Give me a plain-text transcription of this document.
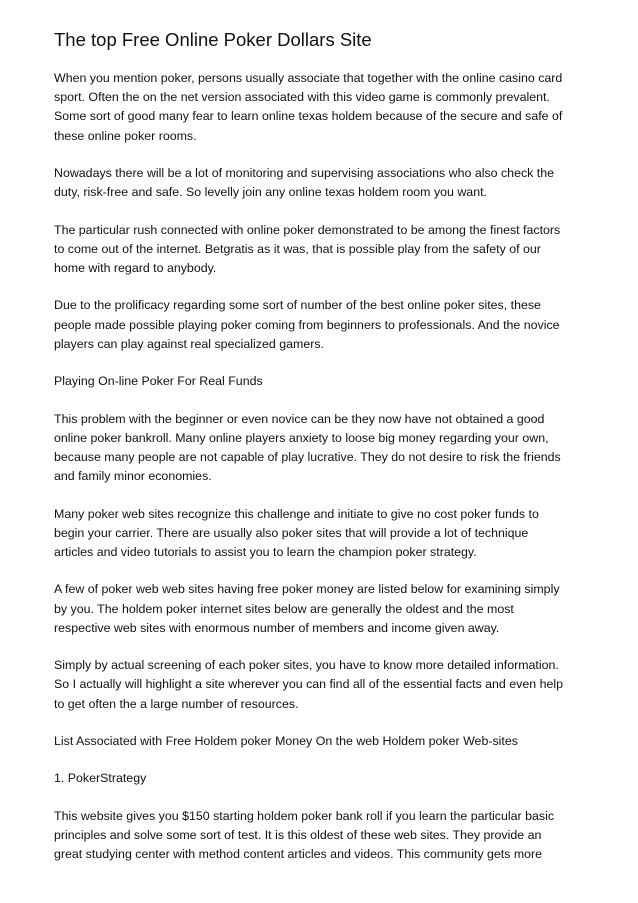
The top Free Online Poker Dollars Site
When you mention poker, persons usually associate that together with the online casino card
sport. Often the on the net version associated with this video game is commonly prevalent.
Some sort of good many fear to learn online texas holdem because of the secure and safe of
these online poker rooms.
Nowadays there will be a lot of monitoring and supervising associations who also check the
duty, risk-free and safe. So levelly join any online texas holdem room you want.
The particular rush connected with online poker demonstrated to be among the finest factors
to come out of the internet. Betgratis as it was, that is possible play from the safety of our
home with regard to anybody.
Due to the prolificacy regarding some sort of number of the best online poker sites, these
people made possible playing poker coming from beginners to professionals. And the novice
players can play against real specialized gamers.
Playing On-line Poker For Real Funds
This problem with the beginner or even novice can be they now have not obtained a good
online poker bankroll. Many online players anxiety to loose big money regarding your own,
because many people are not capable of play lucrative. They do not desire to risk the friends
and family minor economies.
Many poker web sites recognize this challenge and initiate to give no cost poker funds to
begin your carrier. There are usually also poker sites that will provide a lot of technique
articles and video tutorials to assist you to learn the champion poker strategy.
A few of poker web web sites having free poker money are listed below for examining simply
by you. The holdem poker internet sites below are generally the oldest and the most
respective web sites with enormous number of members and income given away.
Simply by actual screening of each poker sites, you have to know more detailed information.
So I actually will highlight a site wherever you can find all of the essential facts and even help
to get often the a large number of resources.
List Associated with Free Holdem poker Money On the web Holdem poker Web-sites
1. PokerStrategy
This website gives you $150 starting holdem poker bank roll if you learn the particular basic
principles and solve some sort of test. It is this oldest of these web sites. They provide an
great studying center with method content articles and videos. This community gets more
